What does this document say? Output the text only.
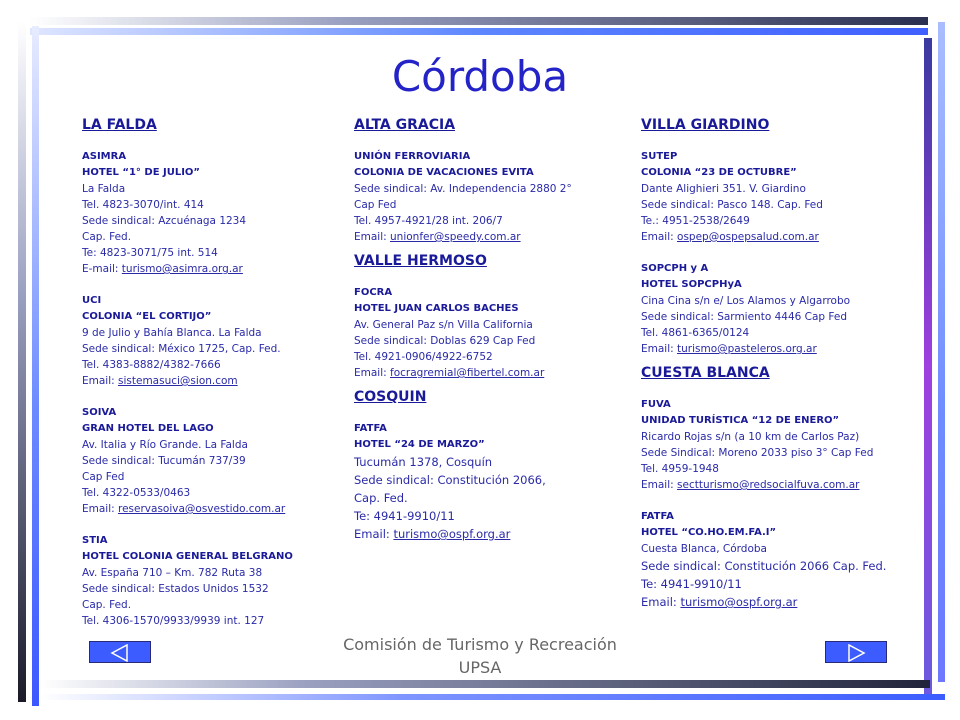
Córdoba
LA FALDA

ASIMRA

HOTEL “1° DE JULIO”

La Falda

Tel. 4823-3070/int. 414

Sede sindical: Azcuénaga 1234

Cap. Fed.

Te: 4823-3071/75 int. 514

E-mail: turismo@asimra.org.ar

UCI

COLONIA “EL CORTIJO”

9 de Julio y Bahía Blanca. La Falda

Sede sindical: México 1725, Cap. Fed.

Tel. 4383-8882/4382-7666

Email: sistemasuci@sion.com

SOIVA

GRAN HOTEL DEL LAGO

Av. Italia y Río Grande. La Falda

Sede sindical: Tucumán 737/39

Cap Fed

Tel. 4322-0533/0463

Email: reservasoiva@osvestido.com.ar

STIA

HOTEL COLONIA GENERAL BELGRANO

Av. España 710 – Km. 782 Ruta 38

Sede sindical: Estados Unidos 1532

Cap. Fed.

Tel. 4306-1570/9933/9939 int. 127

ALTA GRACIA

UNIÓN FERROVIARIA

COLONIA DE VACACIONES EVITA

Sede sindical: Av. Independencia 2880 2°

Cap Fed

Tel. 4957-4921/28 int. 206/7

Email: unionfer@speedy.com.ar

VALLE HERMOSO

FOCRA

HOTEL JUAN CARLOS BACHES

Av. General Paz s/n Villa California

Sede sindical: Doblas 629 Cap Fed

Tel. 4921-0906/4922-6752

Email: focragremial@fibertel.com.ar

COSQUIN

FATFA

HOTEL “24 DE MARZO”

Tucumán 1378, Cosquín

Sede sindical: Constitución 2066,

Cap. Fed.

Te: 4941-9910/11

Email: turismo@ospf.org.ar

VILLA GIARDINO

SUTEP

COLONIA “23 DE OCTUBRE”

Dante Alighieri 351. V. Giardino

Sede sindical: Pasco 148. Cap. Fed

Te.: 4951-2538/2649

Email: ospep@ospepsalud.com.ar

SOPCPH y A

HOTEL SOPCPHyA

Cina Cina s/n e/ Los Alamos y Algarrobo

Sede sindical: Sarmiento 4446 Cap Fed

Tel. 4861-6365/0124

Email: turismo@pasteleros.org.ar

CUESTA BLANCA

FUVA

UNIDAD TURÍSTICA “12 DE ENERO”

Ricardo Rojas s/n (a 10 km de Carlos Paz)

Sede Sindical: Moreno 2033 piso 3° Cap Fed

Tel. 4959-1948

Email: sectturismo@redsocialfuva.com.ar

FATFA

HOTEL “CO.HO.EM.FA.I”

Cuesta Blanca, Córdoba

Sede sindical: Constitución 2066 Cap. Fed.

Te: 4941-9910/11

Email: turismo@ospf.org.ar

Comisión de Turismo y Recreación
UPSA
